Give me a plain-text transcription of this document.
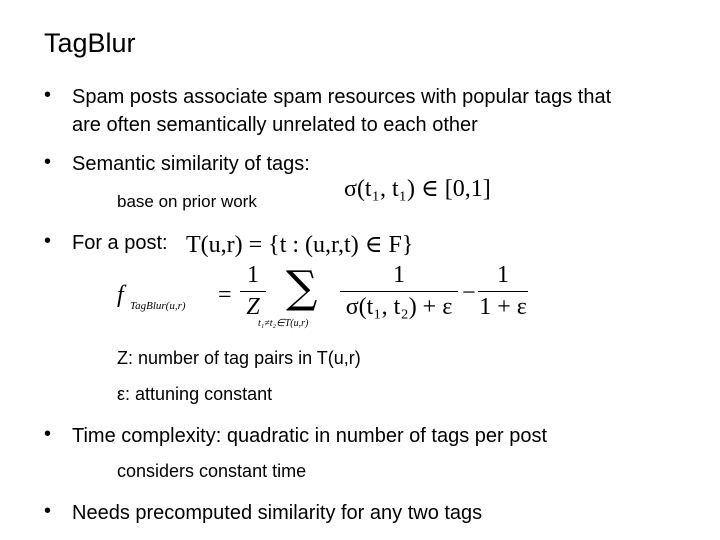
TagBlur
• Spam posts associate spam resources with popular tags that
are often semantically unrelated to each other
• Semantic similarity of tags:
base on prior work	σ(t₁, t₁) ∈ [0,1]
• For a post: T(u,r) = {t : (u,r,t) ∈ F}
f TagBlur(u,r) =
1
Z ∑
t₁≠t₂∈T(u,r)
1
σ(t₁, t₂) + ε
−
1
1 + ε
Z: number of tag pairs in T(u,r)
ε: attuning constant
• Time complexity: quadratic in number of tags per post
considers constant time
• Needs precomputed similarity for any two tags
